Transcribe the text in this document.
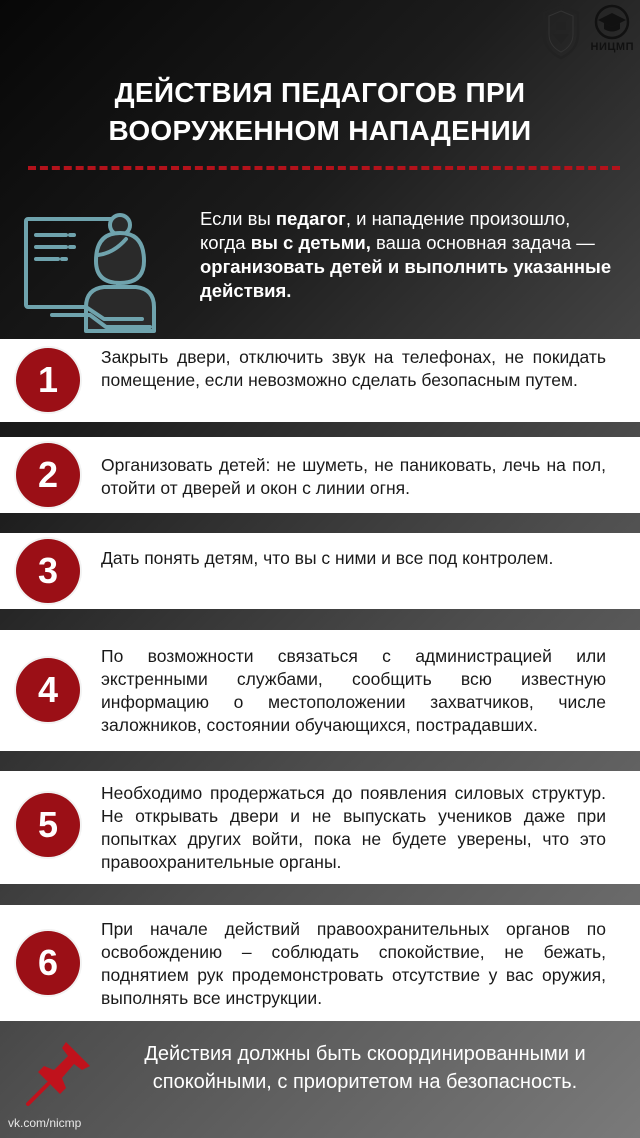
НИЦМП
ДЕЙСТВИЯ ПЕДАГОГОВ ПРИ
ВООРУЖЕННОМ НАПАДЕНИИ
Если вы педагог, и нападение произошло, когда вы с детьми, ваша основная задача — организовать детей и выполнить указанные действия.
1
Закрыть двери, отключить звук на телефонах, не покидать помещение, если невозможно сделать безопасным путем.
2	Организовать детей: не шуметь, не паниковать, лечь на пол, отойти от дверей и окон с линии огня.
3	Дать понять детям, что вы с ними и все под контролем.
4
По возможности связаться с администрацией или экстренными службами, сообщить всю известную информацию о местоположении захватчиков, числе заложников, состоянии обучающихся, пострадавших.
5
Необходимо продержаться до появления силовых структур. Не открывать двери и не выпускать учеников даже при попытках других войти, пока не будете уверены, что это правоохранительные органы.
6
При начале действий правоохранительных органов по освобождению – соблюдать спокойствие, не бежать, поднятием рук продемонстровать отсутствие у вас оружия, выполнять все инструкции.
Действия должны быть скоординированными и спокойными, с приоритетом на безопасность.
vk.com/nicmp
